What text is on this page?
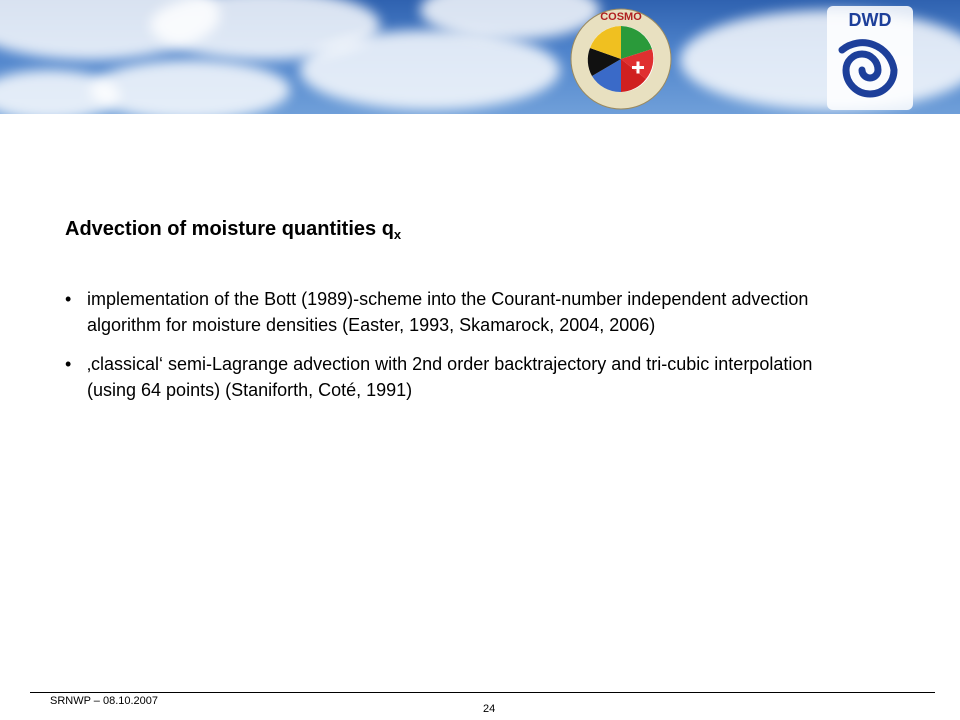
COSMO	DWD
Advection of moisture quantities $q_x$
• implementation of the Bott (1989)-scheme into the Courant-number independent advection algorithm for moisture densities (Easter, 1993, Skamarock, 2004, 2006)
• ‚classical‘ semi-Lagrange advection with 2nd order backtrajectory and tri-cubic interpolation (using 64 points) (Staniforth, Coté, 1991)
SRNWP – 08.10.2007
24
